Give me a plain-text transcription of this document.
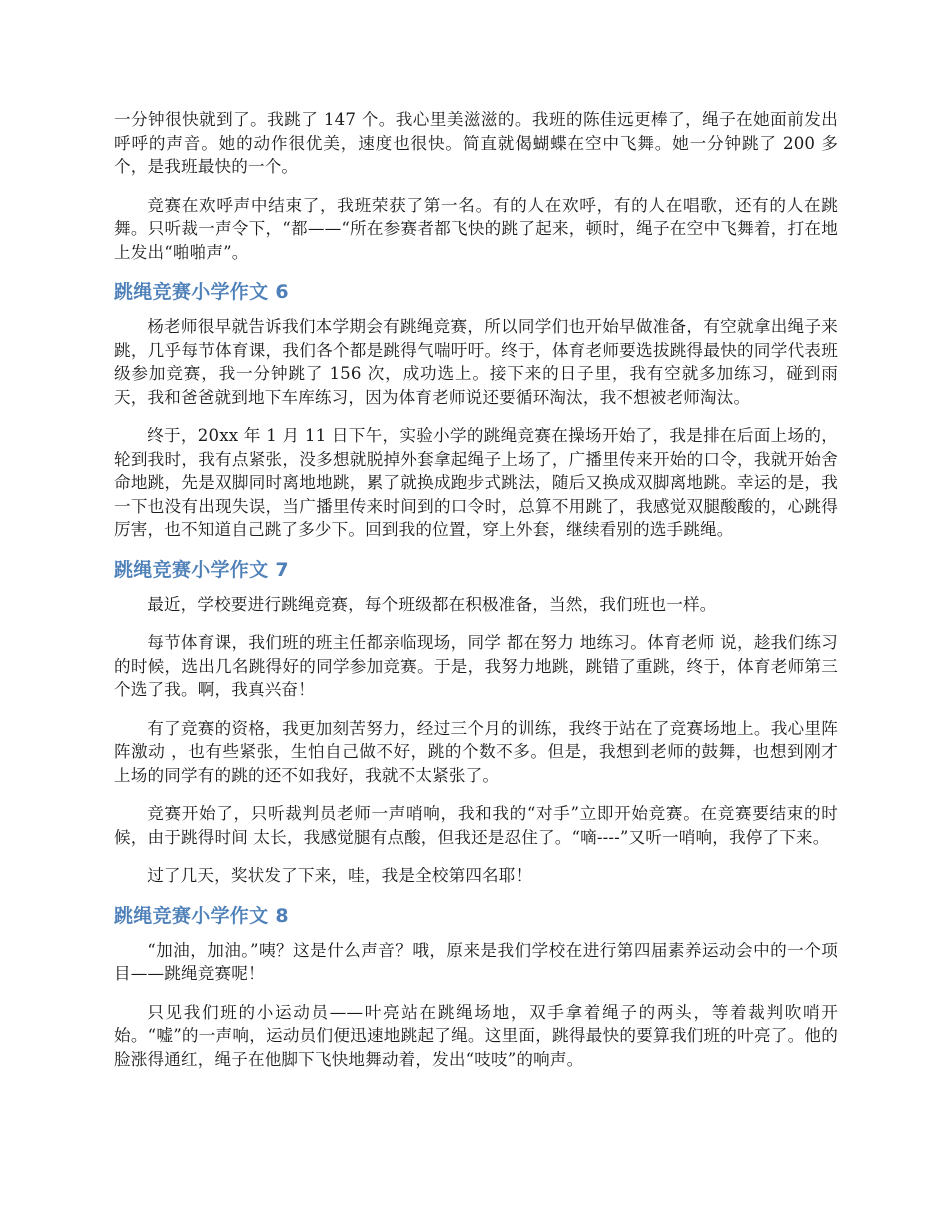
一分钟很快就到了。我跳了 147 个。我心里美滋滋的。我班的陈佳远更棒了，绳子在她面前发出呼呼的声音。她的动作很优美，速度也很快。简直就偈蝴蝶在空中飞舞。她一分钟跳了 200 多个，是我班最快的一个。

竞赛在欢呼声中结束了，我班荣获了第一名。有的人在欢呼，有的人在唱歌，还有的人在跳舞。只听裁一声令下，“都——“所在参赛者都飞快的跳了起来，顿时，绳子在空中飞舞着，打在地上发出“啪啪声”。

跳绳竞赛小学作文 6

杨老师很早就告诉我们本学期会有跳绳竞赛，所以同学们也开始早做准备，有空就拿出绳子来跳，几乎每节体育课，我们各个都是跳得气喘吁吁。终于，体育老师要选拔跳得最快的同学代表班级参加竞赛，我一分钟跳了 156 次，成功选上。接下来的日子里，我有空就多加练习，碰到雨天，我和爸爸就到地下车库练习，因为体育老师说还要循环淘汰，我不想被老师淘汰。

终于，20xx 年 1 月 11 日下午，实验小学的跳绳竞赛在操场开始了，我是排在后面上场的，轮到我时，我有点紧张，没多想就脱掉外套拿起绳子上场了，广播里传来开始的口令，我就开始舍命地跳，先是双脚同时离地地跳，累了就换成跑步式跳法，随后又换成双脚离地跳。幸运的是，我一下也没有出现失误，当广播里传来时间到的口令时，总算不用跳了，我感觉双腿酸酸的，心跳得厉害，也不知道自己跳了多少下。回到我的位置，穿上外套，继续看别的选手跳绳。

跳绳竞赛小学作文 7

最近，学校要进行跳绳竞赛，每个班级都在积极准备，当然，我们班也一样。

每节体育课，我们班的班主任都亲临现场，同学 都在努力 地练习。体育老师 说，趁我们练习的时候，选出几名跳得好的同学参加竞赛。于是，我努力地跳，跳错了重跳，终于，体育老师第三个选了我。啊，我真兴奋！

有了竞赛的资格，我更加刻苦努力，经过三个月的训练，我终于站在了竞赛场地上。我心里阵阵激动 ，也有些紧张，生怕自己做不好，跳的个数不多。但是，我想到老师的鼓舞，也想到刚才上场的同学有的跳的还不如我好，我就不太紧张了。

竞赛开始了，只听裁判员老师一声哨响，我和我的“对手”立即开始竞赛。在竞赛要结束的时候，由于跳得时间 太长，我感觉腿有点酸，但我还是忍住了。“嘀----”又听一哨响，我停了下来。

过了几天，奖状发了下来，哇，我是全校第四名耶！

跳绳竞赛小学作文 8

“加油，加油。”咦？这是什么声音？哦，原来是我们学校在进行第四届素养运动会中的一个项目——跳绳竞赛呢！

只见我们班的小运动员——叶亮站在跳绳场地，双手拿着绳子的两头，等着裁判吹哨开始。“嘘”的一声响，运动员们便迅速地跳起了绳。这里面，跳得最快的要算我们班的叶亮了。他的脸涨得通红，绳子在他脚下飞快地舞动着，发出“吱吱”的响声。
